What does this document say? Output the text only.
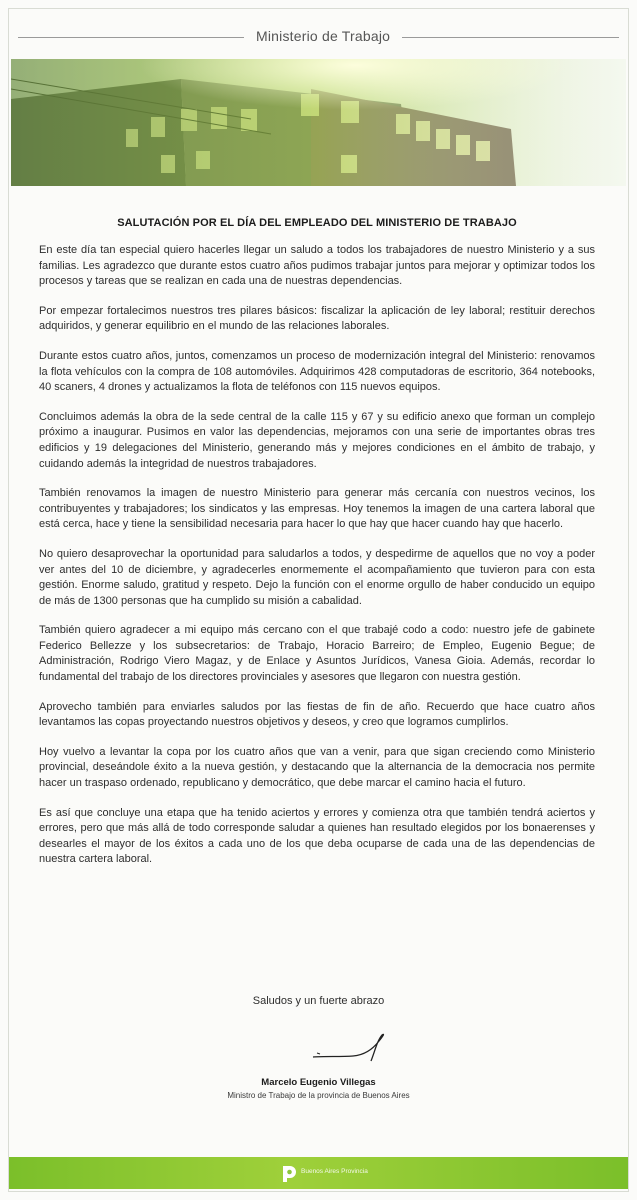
Ministerio de Trabajo
SALUTACIÓN POR EL DÍA DEL EMPLEADO DEL MINISTERIO DE TRABAJO

En este día tan especial quiero hacerles llegar un saludo a todos los trabajadores de nuestro Ministerio y a sus familias. Les agradezco que durante estos cuatro años pudimos trabajar juntos para mejorar y optimizar todos los procesos y tareas que se realizan en cada una de nuestras dependencias.

Por empezar fortalecimos nuestros tres pilares básicos: fiscalizar la aplicación de ley laboral; restituir derechos adquiridos, y generar equilibrio en el mundo de las relaciones laborales.

Durante estos cuatro años, juntos, comenzamos un proceso de modernización integral del Ministerio: renovamos la flota vehículos con la compra de 108 automóviles. Adquirimos 428 computadoras de escritorio, 364 notebooks, 40 scaners, 4 drones y actualizamos la flota de teléfonos con 115 nuevos equipos.

Concluimos además la obra de la sede central de la calle 115 y 67 y su edificio anexo que forman un complejo próximo a inaugurar. Pusimos en valor las dependencias, mejoramos con una serie de importantes obras tres edificios y 19 delegaciones del Ministerio, generando más y mejores condiciones en el ámbito de trabajo, y cuidando además la integridad de nuestros trabajadores.

También renovamos la imagen de nuestro Ministerio para generar más cercanía con nuestros vecinos, los contribuyentes y trabajadores; los sindicatos y las empresas. Hoy tenemos la imagen de una cartera laboral que está cerca, hace y tiene la sensibilidad necesaria para hacer lo que hay que hacer cuando hay que hacerlo.

No quiero desaprovechar la oportunidad para saludarlos a todos, y despedirme de aquellos que no voy a poder ver antes del 10 de diciembre, y agradecerles enormemente el acompañamiento que tuvieron para con esta gestión. Enorme saludo, gratitud y respeto. Dejo la función con el enorme orgullo de haber conducido un equipo de más de 1300 personas que ha cumplido su misión a cabalidad.

También quiero agradecer a mi equipo más cercano con el que trabajé codo a codo: nuestro jefe de gabinete Federico Bellezze y los subsecretarios: de Trabajo, Horacio Barreiro; de Empleo, Eugenio Begue; de Administración, Rodrigo Viero Magaz, y de Enlace y Asuntos Jurídicos, Vanesa Gioia. Además, recordar lo fundamental del trabajo de los directores provinciales y asesores que llegaron con nuestra gestión.

Aprovecho también para enviarles saludos por las fiestas de fin de año. Recuerdo que hace cuatro años levantamos las copas proyectando nuestros objetivos y deseos, y creo que logramos cumplirlos.

Hoy vuelvo a levantar la copa por los cuatro años que van a venir, para que sigan creciendo como Ministerio provincial, deseándole éxito a la nueva gestión, y destacando que la alternancia de la democracia nos permite hacer un traspaso ordenado, republicano y democrático, que debe marcar el camino hacia el futuro.

Es así que concluye una etapa que ha tenido aciertos y errores y comienza otra que también tendrá aciertos y errores, pero que más allá de todo corresponde saludar a quienes han resultado elegidos por los bonaerenses y desearles el mayor de los éxitos a cada uno de los que deba ocuparse de cada una de las dependencias de nuestra cartera laboral.

Saludos y un fuerte abrazo
Marcelo Eugenio Villegas
Ministro de Trabajo de la provincia de Buenos Aires
Buenos Aires Provincia
